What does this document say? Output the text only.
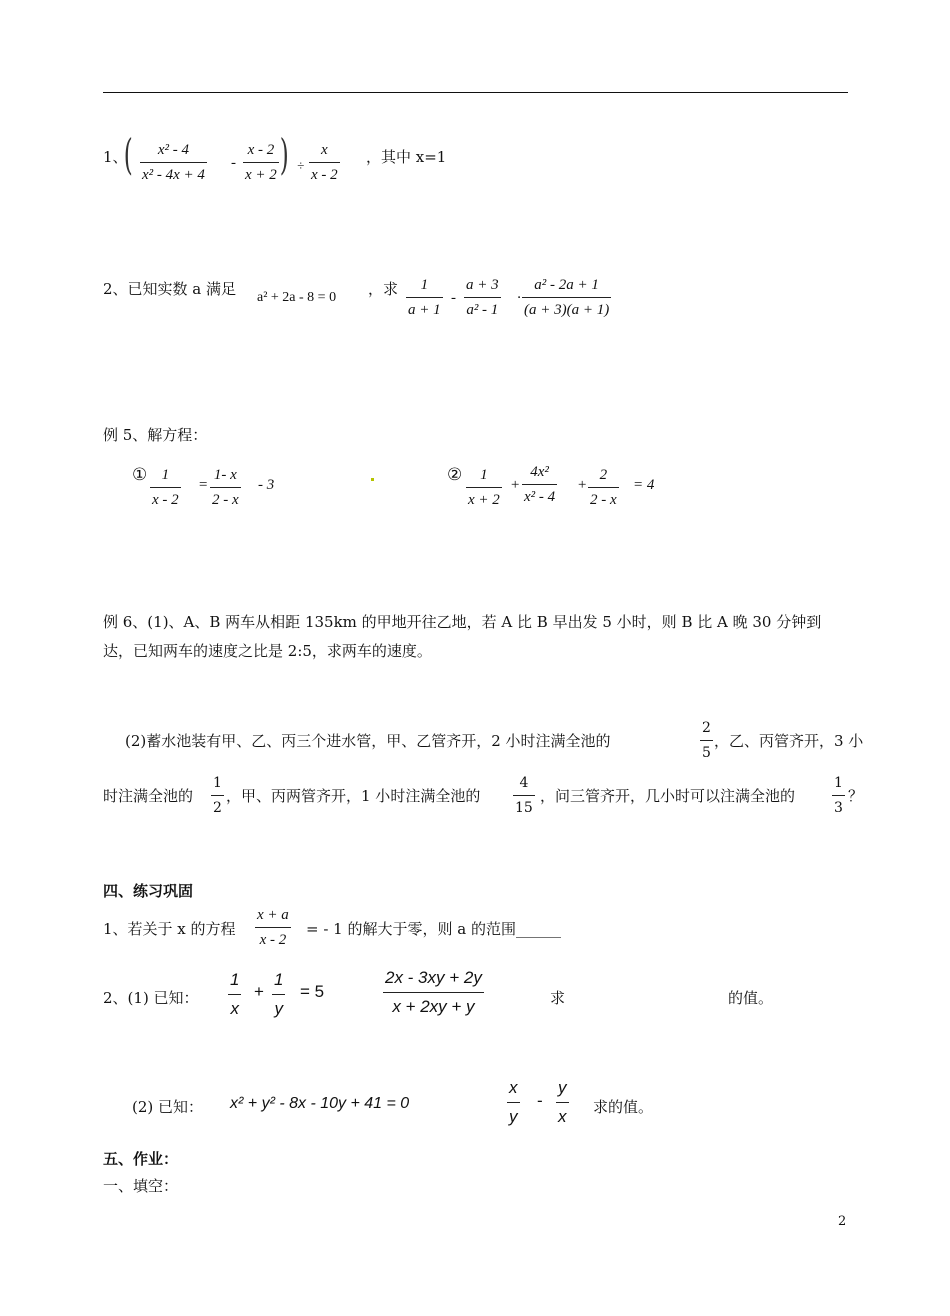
1、
( x² - 4
x² - 4x + 4
-
x - 2
x + 2 ) ÷
x
x - 2
，其中 x=1
2、已知实数 a 满足 a² + 2a - 8 = 0 ，求 1
a + 1
-
a + 3
a² - 1
·
a² - 2a + 1
(a + 3)(a + 1)
例 5、解方程：
① 1
x - 2
=
1- x
2 - x
- 3	② 1
x + 2
+
4x²
x² - 4
+
2
2 - x
= 4
例 6、(1)、A、B 两车从相距 135km 的甲地开往乙地，若 A 比 B 早出发 5 小时，则 B 比 A 晚 30 分钟到
达，已知两车的速度之比是 2:5，求两车的速度。
(2)蓄水池装有甲、乙、丙三个进水管，甲、乙管齐开，2 小时注满全池的
2
5
，乙、丙管齐开，3 小
时注满全池的
1
2
，甲、丙两管齐开，1 小时注满全池的
4
15
，问三管齐开，几小时可以注满全池的
1
3
？
四、练习巩固
1、若关于 x 的方程
x + a
x - 2
= - 1 的解大于零，则 a 的范围______
2、(1) 已知：
1
x
+
1
y
= 5
2x - 3xy + 2y
x + 2xy + y	求	的值。
(2) 已知： x² + y² - 8x - 10y + 41 = 0
x
y
-
y
x 求的值。
五、作业：
一、填空：
2
